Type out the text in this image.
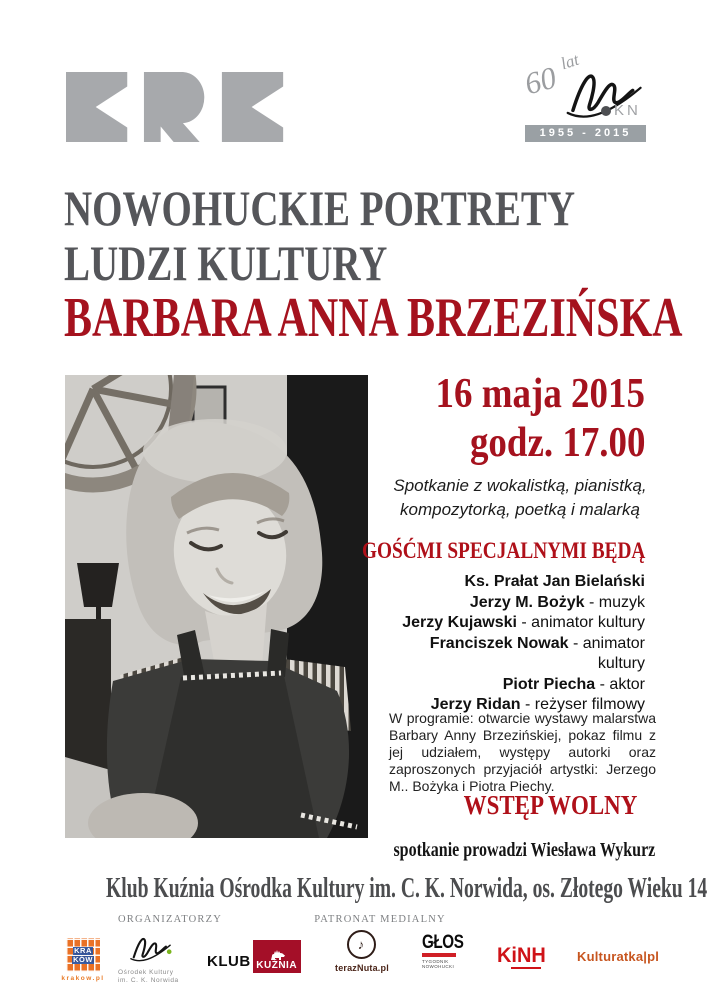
60
lat
KN
1955 - 2015
NOWOHUCKIE PORTRETY
LUDZI KULTURY
BARBARA ANNA BRZEZIŃSKA
16 maja 2015
godz. 17.00
Spotkanie z wokalistką, pianistką,
kompozytorką, poetką i malarką
GOŚĆMI SPECJALNYMI BĘDĄ
Ks. Prałat Jan Bielański
Jerzy M. Bożyk - muzyk
Jerzy Kujawski - animator kultury
Franciszek Nowak - animator kultury
Piotr Piecha - aktor
Jerzy Ridan - reżyser filmowy
W programie: otwarcie wystawy malarstwa Barbary Anny Brzezińskiej, pokaz filmu z jej udziałem, występy autorki oraz zaproszonych przyjaciół artystki: Jerzego M.. Bożyka i Piotra Piechy.
WSTĘP WOLNY
spotkanie prowadzi Wiesława Wykurz
Klub Kuźnia Ośrodka Kultury im. C. K. Norwida, os. Złotego Wieku 14
ORGANIZATORZY	PATRONAT MEDIALNY
KRA
KÓW
krakow.pl
Ośrodek Kultury
im. C. K. Norwida
KLUB KUŹNIA
♪
terazNuta.pl
GŁOS
TYGODNIK
NOWOHUCKI	KiNH Kulturatka|pl
